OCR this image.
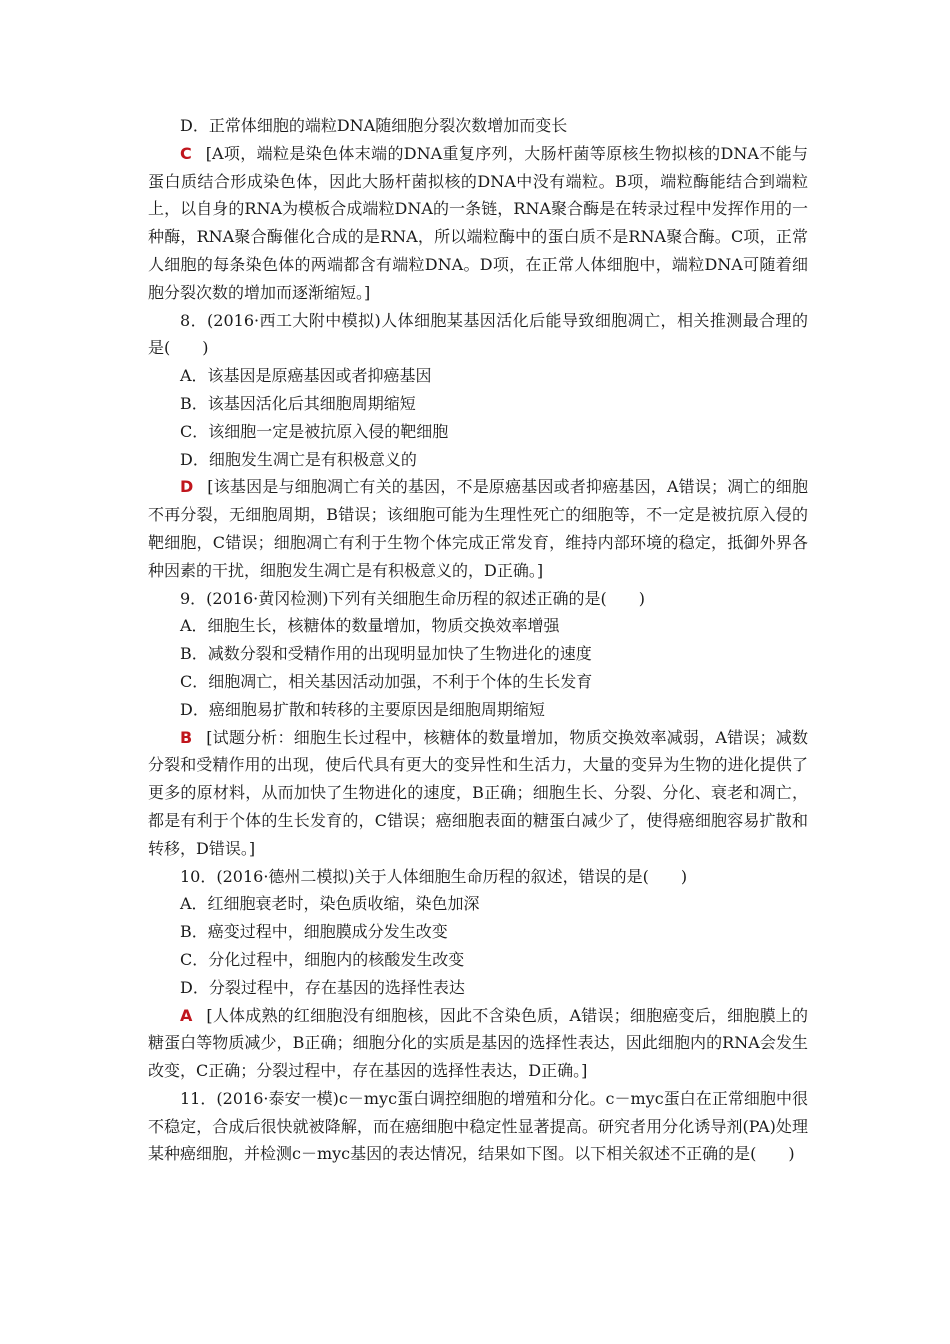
D．正常体细胞的端粒DNA随细胞分裂次数增加而变长

C [A项，端粒是染色体末端的DNA重复序列，大肠杆菌等原核生物拟核的DNA不能与蛋白质结合形成染色体，因此大肠杆菌拟核的DNA中没有端粒。B项，端粒酶能结合到端粒上，以自身的RNA为模板合成端粒DNA的一条链，RNA聚合酶是在转录过程中发挥作用的一种酶，RNA聚合酶催化合成的是RNA，所以端粒酶中的蛋白质不是RNA聚合酶。C项，正常人细胞的每条染色体的两端都含有端粒DNA。D项，在正常人体细胞中，端粒DNA可随着细胞分裂次数的增加而逐渐缩短。]

8．(2016·西工大附中模拟)人体细胞某基因活化后能导致细胞凋亡，相关推测最合理的是(　　)

A．该基因是原癌基因或者抑癌基因

B．该基因活化后其细胞周期缩短

C．该细胞一定是被抗原入侵的靶细胞

D．细胞发生凋亡是有积极意义的

D [该基因是与细胞凋亡有关的基因，不是原癌基因或者抑癌基因，A错误；凋亡的细胞不再分裂，无细胞周期，B错误；该细胞可能为生理性死亡的细胞等，不一定是被抗原入侵的靶细胞，C错误；细胞凋亡有利于生物个体完成正常发育，维持内部环境的稳定，抵御外界各种因素的干扰，细胞发生凋亡是有积极意义的，D正确。]

9．(2016·黄冈检测)下列有关细胞生命历程的叙述正确的是(　　)

A．细胞生长，核糖体的数量增加，物质交换效率增强

B．减数分裂和受精作用的出现明显加快了生物进化的速度

C．细胞凋亡，相关基因活动加强，不利于个体的生长发育

D．癌细胞易扩散和转移的主要原因是细胞周期缩短

B [试题分析：细胞生长过程中，核糖体的数量增加，物质交换效率减弱，A错误；减数分裂和受精作用的出现，使后代具有更大的变异性和生活力，大量的变异为生物的进化提供了更多的原材料，从而加快了生物进化的速度，B正确；细胞生长、分裂、分化、衰老和凋亡，都是有利于个体的生长发育的，C错误；癌细胞表面的糖蛋白减少了，使得癌细胞容易扩散和转移，D错误。]

10．(2016·德州二模拟)关于人体细胞生命历程的叙述，错误的是(　　)

A．红细胞衰老时，染色质收缩，染色加深

B．癌变过程中，细胞膜成分发生改变

C．分化过程中，细胞内的核酸发生改变

D．分裂过程中，存在基因的选择性表达

A [人体成熟的红细胞没有细胞核，因此不含染色质，A错误；细胞癌变后，细胞膜上的糖蛋白等物质减少，B正确；细胞分化的实质是基因的选择性表达，因此细胞内的RNA会发生改变，C正确；分裂过程中，存在基因的选择性表达，D正确。]

11．(2016·泰安一模)c－myc蛋白调控细胞的增殖和分化。c－myc蛋白在正常细胞中很不稳定，合成后很快就被降解，而在癌细胞中稳定性显著提高。研究者用分化诱导剂(PA)处理某种癌细胞，并检测c－myc基因的表达情况，结果如下图。以下相关叙述不正确的是(　　)
